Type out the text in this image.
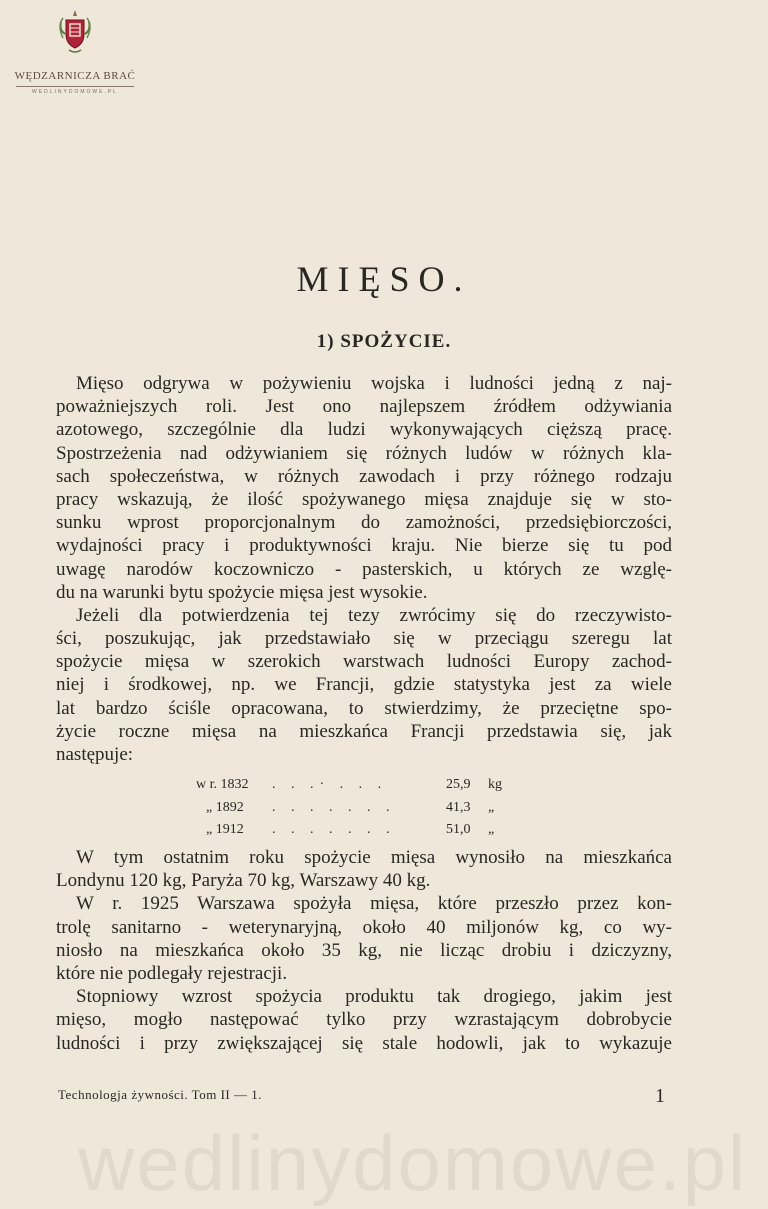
WĘDZARNICZA BRAĆ
WEDLINYDOMOWE.PL
MIĘSO.
1) SPOŻYCIE.
Mięso odgrywa w pożywieniu wojska i ludności jedną z naj-
poważniejszych roli. Jest ono najlepszem źródłem odżywiania
azotowego, szczególnie dla ludzi wykonywających cięższą pracę.
Spostrzeżenia nad odżywianiem się różnych ludów w różnych kla-
sach społeczeństwa, w różnych zawodach i przy różnego rodzaju
pracy wskazują, że ilość spożywanego mięsa znajduje się w sto-
sunku wprost proporcjonalnym do zamożności, przedsiębiorczości,
wydajności pracy i produktywności kraju. Nie bierze się tu pod
uwagę narodów koczowniczo - pasterskich, u których ze wzglę-
du na warunki bytu spożycie mięsa jest wysokie.
Jeżeli dla potwierdzenia tej tezy zwrócimy się do rzeczywisto-
ści, poszukując, jak przedstawiało się w przeciągu szeregu lat
spożycie mięsa w szerokich warstwach ludności Europy zachod-
niej i środkowej, np. we Francji, gdzie statystyka jest za wiele
lat bardzo ściśle opracowana, to stwierdzimy, że przeciętne spo-
życie roczne mięsa na mieszkańca Francji przedstawia się, jak
następuje:
w r. 1832	. . .· . . .	25,9	kg
„ 1892	. . . . . . .	41,3	„
„ 1912	. . . . . . .	51,0	„
W tym ostatnim roku spożycie mięsa wynosiło na mieszkańca
Londynu 120 kg, Paryża 70 kg, Warszawy 40 kg.
W r. 1925 Warszawa spożyła mięsa, które przeszło przez kon-
trolę sanitarno - weterynaryjną, około 40 miljonów kg, co wy-
niosło na mieszkańca około 35 kg, nie licząc drobiu i dziczyzny,
które nie podlegały rejestracji.
Stopniowy wzrost spożycia produktu tak drogiego, jakim jest
mięso, mogło następować tylko przy wzrastającym dobrobycie
ludności i przy zwiększającej się stale hodowli, jak to wykazuje
Technologja żywności. Tom II — 1.	1
wedlinydomowe.pl
